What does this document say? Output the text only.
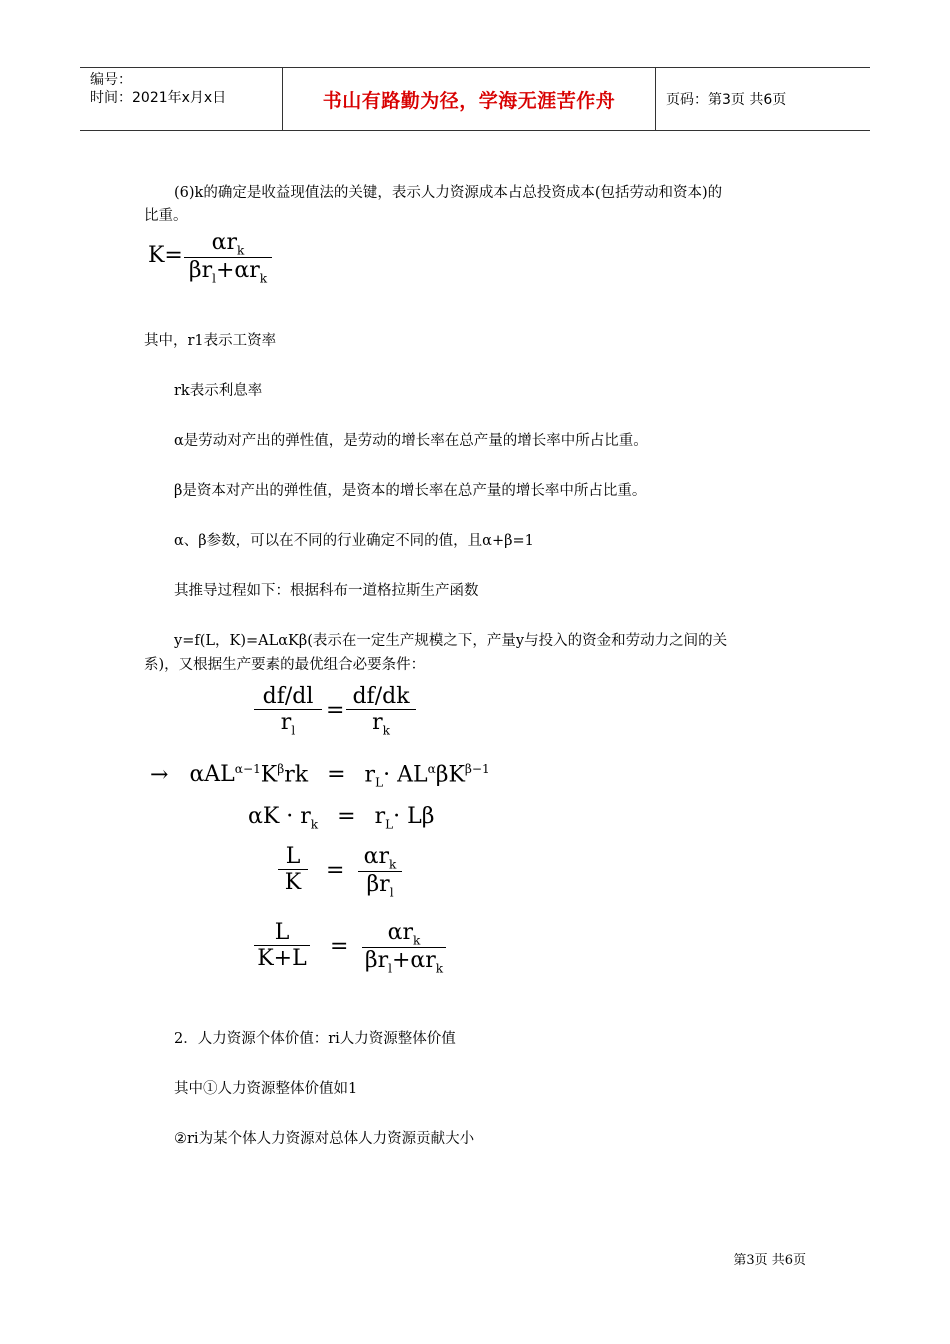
编号：
时间：2021年x月x日	书山有路勤为径，学海无涯苦作舟	页码：第3页 共6页
(6)k的确定是收益现值法的关键，表示人力资源成本占总投资成本(包括劳动和资本)的
比重。
K=
$\alpha r_k$
$\beta r_l+\alpha r_k$
其中，r1表示工资率
rk表示利息率
α是劳动对产出的弹性值，是劳动的增长率在总产量的增长率中所占比重。
β是资本对产出的弹性值，是资本的增长率在总产量的增长率中所占比重。
α、β参数，可以在不同的行业确定不同的值，且α+β=1
其推导过程如下：根据科布一道格拉斯生产函数
y=f(L，K)=ALαKβ(表示在一定生产规模之下，产量y与投入的资金和劳动力之间的关
系)，又根据生产要素的最优组合必要条件：
df/dl
$r_l$
=
df/dk
$r_k$
→ $\alpha AL^{\alpha-1}K^\beta rk = r_L\cdot AL^\alpha\beta K^{\beta-1}$
$\alpha K \cdot r_k = r_L\cdot L\beta$
L
K	=
$\alpha r_k$
$\beta r_l$
L
K+L =
$\alpha r_k$
$\beta r_l+\alpha r_k$
2．人力资源个体价值：ri人力资源整体价值
其中①人力资源整体价值如1
②ri为某个体人力资源对总体人力资源贡献大小
第3页 共6页
